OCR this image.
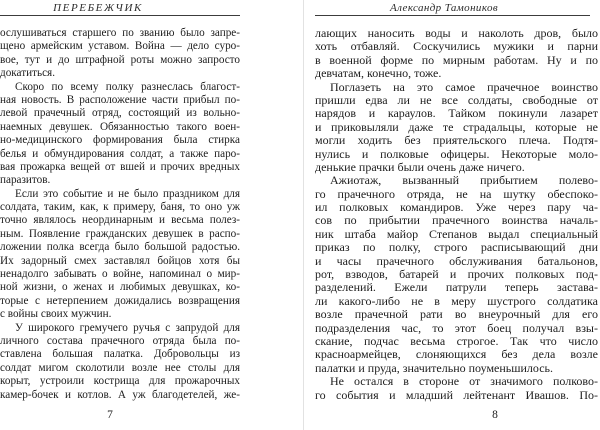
ПЕРЕБЕЖЧИК
ослушиваться старшего по званию было запре-
щено армейским уставом. Война — дело суро-
вое, тут и до штрафной роты можно запросто
докатиться.
Скоро по всему полку разнеслась благост-
ная новость. В расположение части прибыл по-
левой прачечный отряд, состоящий из вольно-
наемных девушек. Обязанностью такого воен-
но-медицинского формирования была стирка
белья и обмундирования солдат, а также паро-
вая прожарка вещей от вшей и прочих вредных
паразитов.
Если это событие и не было праздником для
солдата, таким, как, к примеру, баня, то оно уж
точно являлось неординарным и весьма полез-
ным. Появление гражданских девушек в распо-
ложении полка всегда было большой радостью.
Их задорный смех заставлял бойцов хотя бы
ненадолго забывать о войне, напоминал о мир-
ной жизни, о женах и любимых девушках, ко-
торые с нетерпением дожидались возвращения
с войны своих мужчин.
У широкого гремучего ручья с запрудой для
личного состава прачечного отряда была по-
ставлена большая палатка. Добровольцы из
солдат мигом сколотили возле нее столы для
корыт, устроили кострища для прожарочных
камер-бочек и котлов. А уж благодетелей, же-
7
Александр Тамоников
лающих наносить воды и наколоть дров, было
хоть отбавляй. Соскучились мужики и парни
в военной форме по мирным работам. Ну и по
девчатам, конечно, тоже.
Поглазеть на это самое прачечное воинство
пришли едва ли не все солдаты, свободные от
нарядов и караулов. Тайком покинули лазарет
и приковыляли даже те страдальцы, которые не
могли ходить без приятельского плеча. Подтя-
нулись и полковые офицеры. Некоторые моло-
денькие прачки были очень даже ничего.
Ажиотаж, вызванный прибытием полево-
го прачечного отряда, не на шутку обеспоко-
ил полковых командиров. Уже через пару ча-
сов по прибытии прачечного воинства началь-
ник штаба майор Степанов выдал специальный
приказ по полку, строго расписывающий дни
и часы прачечного обслуживания батальонов,
рот, взводов, батарей и прочих полковых под-
разделений. Ежели патрули теперь застава-
ли какого-либо не в меру шустрого солдатика
возле прачечной рати во внеурочный для его
подразделения час, то этот боец получал взы-
скание, подчас весьма строгое. Так что число
красноармейцев, слоняющихся без дела возле
палатки и пруда, значительно поуменьшилось.
Не остался в стороне от значимого полково-
го события и младший лейтенант Ивашов. По-
8
